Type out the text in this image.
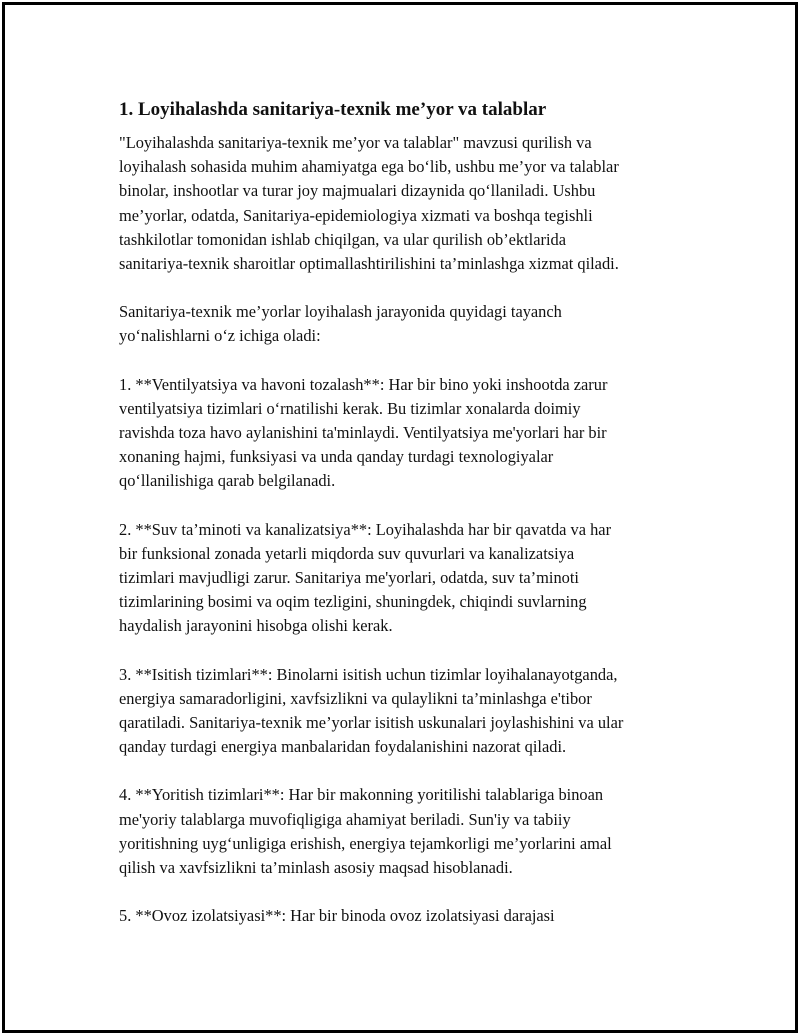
1. Loyihalashda sanitariya-texnik me’yor va talablar

"Loyihalashda sanitariya-texnik me’yor va talablar" mavzusi qurilish va
loyihalash sohasida muhim ahamiyatga ega bo‘lib, ushbu me’yor va talablar
binolar, inshootlar va turar joy majmualari dizaynida qo‘llaniladi. Ushbu
me’yorlar, odatda, Sanitariya-epidemiologiya xizmati va boshqa tegishli
tashkilotlar tomonidan ishlab chiqilgan, va ular qurilish ob’ektlarida
sanitariya-texnik sharoitlar optimallashtirilishini ta’minlashga xizmat qiladi.

Sanitariya-texnik me’yorlar loyihalash jarayonida quyidagi tayanch
yo‘nalishlarni o‘z ichiga oladi:

1. **Ventilyatsiya va havoni tozalash**: Har bir bino yoki inshootda zarur
ventilyatsiya tizimlari o‘rnatilishi kerak. Bu tizimlar xonalarda doimiy
ravishda toza havo aylanishini ta'minlaydi. Ventilyatsiya me'yorlari har bir
xonaning hajmi, funksiyasi va unda qanday turdagi texnologiyalar
qo‘llanilishiga qarab belgilanadi.

2. **Suv ta’minoti va kanalizatsiya**: Loyihalashda har bir qavatda va har
bir funksional zonada yetarli miqdorda suv quvurlari va kanalizatsiya
tizimlari mavjudligi zarur. Sanitariya me'yorlari, odatda, suv ta’minoti
tizimlarining bosimi va oqim tezligini, shuningdek, chiqindi suvlarning
haydalish jarayonini hisobga olishi kerak.

3. **Isitish tizimlari**: Binolarni isitish uchun tizimlar loyihalanayotganda,
energiya samaradorligini, xavfsizlikni va qulaylikni ta’minlashga e'tibor
qaratiladi. Sanitariya-texnik me’yorlar isitish uskunalari joylashishini va ular
qanday turdagi energiya manbalaridan foydalanishini nazorat qiladi.

4. **Yoritish tizimlari**: Har bir makonning yoritilishi talablariga binoan
me'yoriy talablarga muvofiqligiga ahamiyat beriladi. Sun'iy va tabiiy
yoritishning uyg‘unligiga erishish, energiya tejamkorligi me’yorlarini amal
qilish va xavfsizlikni ta’minlash asosiy maqsad hisoblanadi.

5. **Ovoz izolatsiyasi**: Har bir binoda ovoz izolatsiyasi darajasi
